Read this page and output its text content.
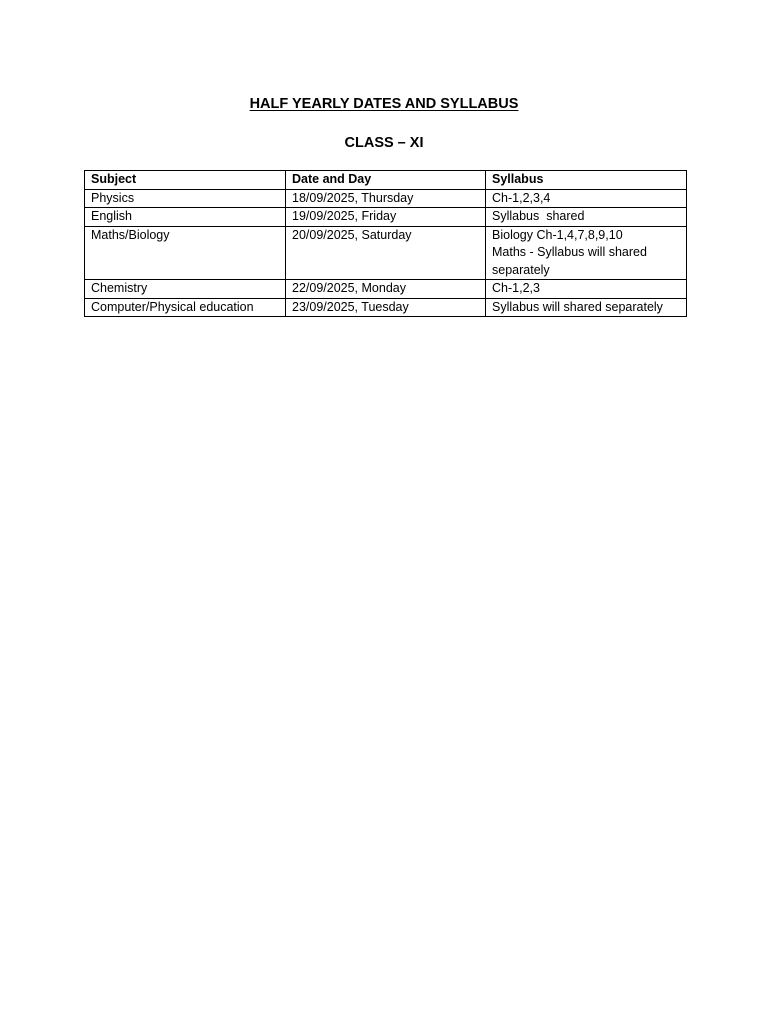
HALF YEARLY DATES AND SYLLABUS
CLASS – XI
Subject	Date and Day	Syllabus
Physics	18/09/2025, Thursday	Ch-1,2,3,4

English	19/09/2025, Friday	Syllabus  shared

Maths/Biology	20/09/2025, Saturday	Biology Ch-1,4,7,8,9,10
Maths - Syllabus will shared
separately

Chemistry	22/09/2025, Monday	Ch-1,2,3

Computer/Physical education	23/09/2025, Tuesday	Syllabus will shared separately
